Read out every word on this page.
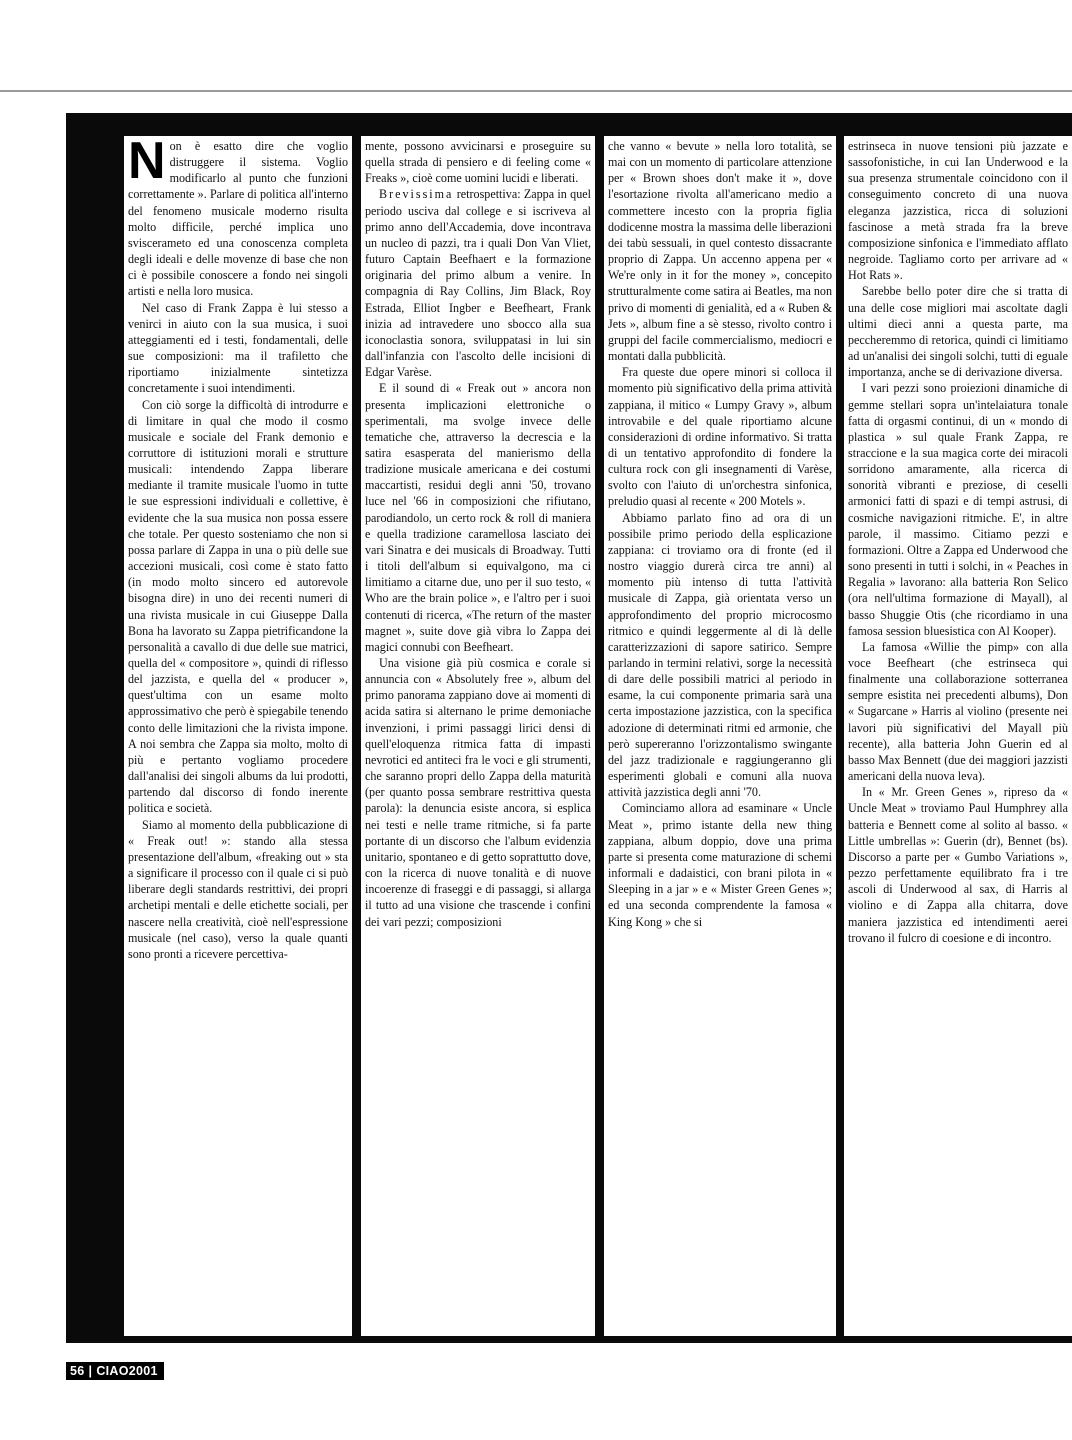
Non è esatto dire che voglio distruggere il sistema. Voglio modificarlo al punto che funzioni correttamente ». Parlare di politica all'interno del fenomeno musicale moderno risulta molto difficile, perché implica uno sviscerameto ed una conoscenza completa degli ideali e delle movenze di base che non ci è possibile conoscere a fondo nei singoli artisti e nella loro musica.

Nel caso di Frank Zappa è lui stesso a venirci in aiuto con la sua musica, i suoi atteggiamenti ed i testi, fondamentali, delle sue composizioni: ma il trafiletto che riportiamo inizialmente sintetizza concretamente i suoi intendimenti.

Con ciò sorge la difficoltà di introdurre e di limitare in qual che modo il cosmo musicale e sociale del Frank demonio e corruttore di istituzioni morali e strutture musicali: intendendo Zappa liberare mediante il tramite musicale l'uomo in tutte le sue espressioni individuali e collettive, è evidente che la sua musica non possa essere che totale. Per questo sosteniamo che non si possa parlare di Zappa in una o più delle sue accezioni musicali, così come è stato fatto (in modo molto sincero ed autorevole bisogna dire) in uno dei recenti numeri di una rivista musicale in cui Giuseppe Dalla Bona ha lavorato su Zappa pietrificandone la personalità a cavallo di due delle sue matrici, quella del « compositore », quindi di riflesso del jazzista, e quella del « producer », quest'ultima con un esame molto approssimativo che però è spiegabile tenendo conto delle limitazioni che la rivista impone. A noi sembra che Zappa sia molto, molto di più e pertanto vogliamo procedere dall'analisi dei singoli albums da lui prodotti, partendo dal discorso di fondo inerente politica e società.

Siamo al momento della pubblicazione di « Freak out! »: stando alla stessa presentazione dell'album, «freaking out » sta a significare il processo con il quale ci si può liberare degli standards restrittivi, dei propri archetipi mentali e delle etichette sociali, per nascere nella creatività, cioè nell'espressione musicale (nel caso), verso la quale quanti sono pronti a ricevere percettiva-

mente, possono avvicinarsi e proseguire su quella strada di pensiero e di feeling come « Freaks », cioè come uomini lucidi e liberati.

Brevissima retrospettiva: Zappa in quel periodo usciva dal college e si iscriveva al primo anno dell'Accademia, dove incontrava un nucleo di pazzi, tra i quali Don Van Vliet, futuro Captain Beefhaert e la formazione originaria del primo album a venire. In compagnia di Ray Collins, Jim Black, Roy Estrada, Elliot Ingber e Beefheart, Frank inizia ad intravedere uno sbocco alla sua iconoclastia sonora, sviluppatasi in lui sin dall'infanzia con l'ascolto delle incisioni di Edgar Varèse.

E il sound di « Freak out » ancora non presenta implicazioni elettroniche o sperimentali, ma svolge invece delle tematiche che, attraverso la decrescia e la satira esasperata del manierismo della tradizione musicale americana e dei costumi maccartisti, residui degli anni '50, trovano luce nel '66 in composizioni che rifiutano, parodiandolo, un certo rock & roll di maniera e quella tradizione caramellosa lasciato dei vari Sinatra e dei musicals di Broadway. Tutti i titoli dell'album si equivalgono, ma ci limitiamo a citarne due, uno per il suo testo, « Who are the brain police », e l'altro per i suoi contenuti di ricerca, «The return of the master magnet », suite dove già vibra lo Zappa dei magici connubi con Beefheart.

Una visione già più cosmica e corale si annuncia con « Absolutely free », album del primo panorama zappiano dove ai momenti di acida satira si alternano le prime demoniache invenzioni, i primi passaggi lirici densi di quell'eloquenza ritmica fatta di impasti nevrotici ed antiteci fra le voci e gli strumenti, che saranno propri dello Zappa della maturità (per quanto possa sembrare restrittiva questa parola): la denuncia esiste ancora, si esplica nei testi e nelle trame ritmiche, si fa parte portante di un discorso che l'album evidenzia unitario, spontaneo e di getto soprattutto dove, con la ricerca di nuove tonalità e di nuove incoerenze di fraseggi e di passaggi, si allarga il tutto ad una visione che trascende i confini dei vari pezzi; composizioni

che vanno « bevute » nella loro totalità, se mai con un momento di particolare attenzione per « Brown shoes don't make it », dove l'esortazione rivolta all'americano medio a commettere incesto con la propria figlia dodicenne mostra la massima delle liberazioni dei tabù sessuali, in quel contesto dissacrante proprio di Zappa. Un accenno appena per « We're only in it for the money », concepito strutturalmente come satira ai Beatles, ma non privo di momenti di genialità, ed a « Ruben & Jets », album fine a sè stesso, rivolto contro i gruppi del facile commercialismo, mediocri e montati dalla pubblicità.

Fra queste due opere minori si colloca il momento più significativo della prima attività zappiana, il mitico « Lumpy Gravy », album introvabile e del quale riportiamo alcune considerazioni di ordine informativo. Si tratta di un tentativo approfondito di fondere la cultura rock con gli insegnamenti di Varèse, svolto con l'aiuto di un'orchestra sinfonica, preludio quasi al recente « 200 Motels ».

Abbiamo parlato fino ad ora di un possibile primo periodo della esplicazione zappiana: ci troviamo ora di fronte (ed il nostro viaggio durerà circa tre anni) al momento più intenso di tutta l'attività musicale di Zappa, già orientata verso un approfondimento del proprio microcosmo ritmico e quindi leggermente al di là delle caratterizzazioni di sapore satirico. Sempre parlando in termini relativi, sorge la necessità di dare delle possibili matrici al periodo in esame, la cui componente primaria sarà una certa impostazione jazzistica, con la specifica adozione di determinati ritmi ed armonie, che però supereranno l'orizzontalismo swingante del jazz tradizionale e raggiungeranno gli esperimenti globali e comuni alla nuova attività jazzistica degli anni '70.

Cominciamo allora ad esaminare « Uncle Meat », primo istante della new thing zappiana, album doppio, dove una prima parte si presenta come maturazione di schemi informali e dadaistici, con brani pilota in « Sleeping in a jar » e « Mister Green Genes »; ed una seconda comprendente la famosa « King Kong » che si

estrinseca in nuove tensioni più jazzate e sassofonistiche, in cui Ian Underwood e la sua presenza strumentale coincidono con il conseguimento concreto di una nuova eleganza jazzistica, ricca di soluzioni fascinose a metà strada fra la breve composizione sinfonica e l'immediato afflato negroide. Tagliamo corto per arrivare ad « Hot Rats ».

Sarebbe bello poter dire che si tratta di una delle cose migliori mai ascoltate dagli ultimi dieci anni a questa parte, ma peccheremmo di retorica, quindi ci limitiamo ad un'analisi dei singoli solchi, tutti di eguale importanza, anche se di derivazione diversa.

I vari pezzi sono proiezioni dinamiche di gemme stellari sopra un'intelaiatura tonale fatta di orgasmi continui, di un « mondo di plastica » sul quale Frank Zappa, re straccione e la sua magica corte dei miracoli sorridono amaramente, alla ricerca di sonorità vibranti e preziose, di ceselli armonici fatti di spazi e di tempi astrusi, di cosmiche navigazioni ritmiche. E', in altre parole, il massimo. Citiamo pezzi e formazioni. Oltre a Zappa ed Underwood che sono presenti in tutti i solchi, in « Peaches in Regalia » lavorano: alla batteria Ron Selico (ora nell'ultima formazione di Mayall), al basso Shuggie Otis (che ricordiamo in una famosa session bluesistica con Al Kooper).

La famosa «Willie the pimp» con alla voce Beefheart (che estrinseca qui finalmente una collaborazione sotterranea sempre esistita nei precedenti albums), Don « Sugarcane » Harris al violino (presente nei lavori più significativi del Mayall più recente), alla batteria John Guerin ed al basso Max Bennett (due dei maggiori jazzisti americani della nuova leva).

In « Mr. Green Genes », ripreso da « Uncle Meat » troviamo Paul Humphrey alla batteria e Bennett come al solito al basso. « Little umbrellas »: Guerin (dr), Bennet (bs). Discorso a parte per « Gumbo Variations », pezzo perfettamente equilibrato fra i tre ascoli di Underwood al sax, di Harris al violino e di Zappa alla chitarra, dove maniera jazzistica ed intendimenti aerei trovano il fulcro di coesione e di incontro.

56 | CIAO2001
